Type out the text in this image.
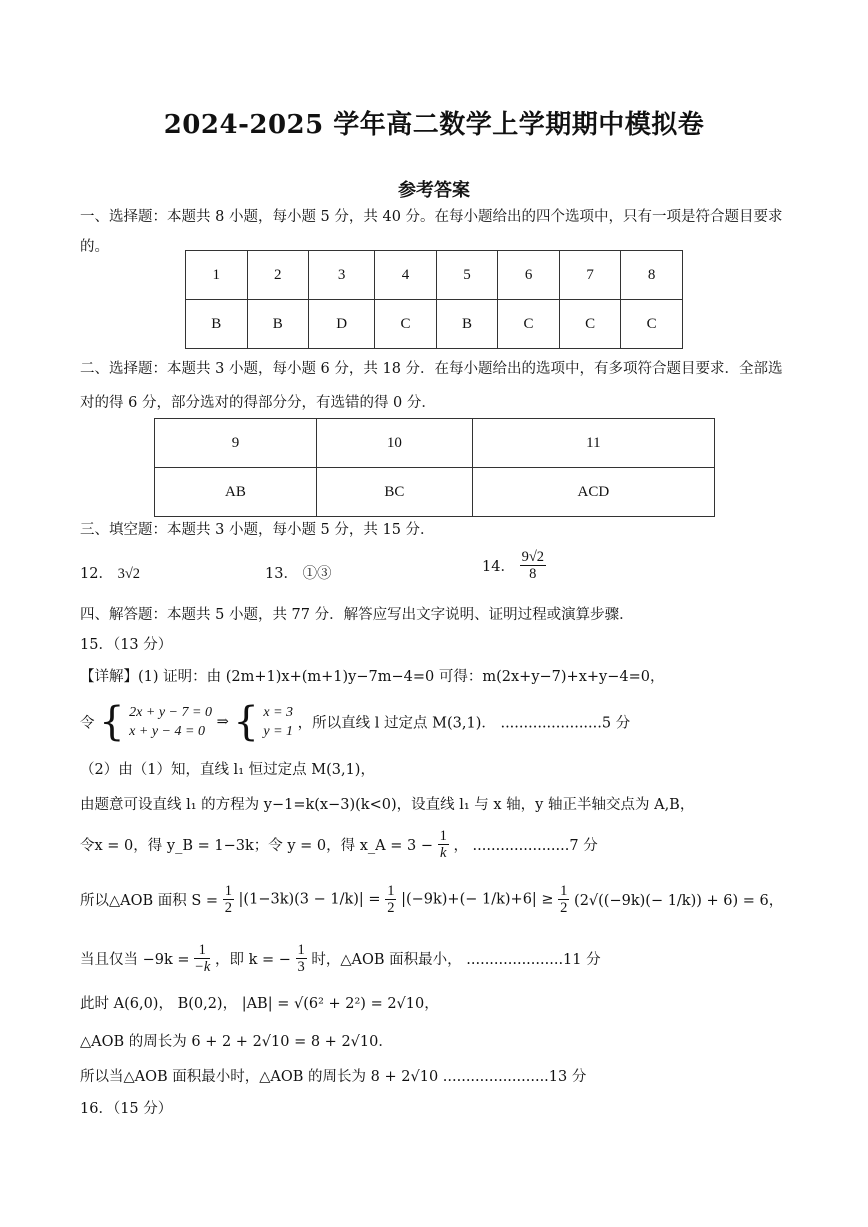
2024-2025 学年高二数学上学期期中模拟卷
参考答案
一、选择题：本题共 8 小题，每小题 5 分，共 40 分。在每小题给出的四个选项中，只有一项是符合题目要求的。
1	2	3	4	5	6	7	8
B	B	D	C	B	C	C	C
二、选择题：本题共 3 小题，每小题 6 分，共 18 分．在每小题给出的选项中，有多项符合题目要求．全部选对的得 6 分，部分选对的得部分分，有选错的得 0 分．
9	10	11
AB	BC	ACD
三、填空题：本题共 3 小题，每小题 5 分，共 15 分．
12． 3√2	13． ①③	14． $\frac{9√2}{8}$
四、解答题：本题共 5 小题，共 77 分．解答应写出文字说明、证明过程或演算步骤．
15．（13 分）
【详解】(1) 证明：由 (2m+1)x+(m+1)y−7m−4=0 可得：m(2x+y−7)+x+y−4=0，
令 { 2x + y − 7 = 0
x + y − 4 = 0 ⇒ { x = 3
y = 1 ，所以直线 l 过定点 M(3,1)． ......................5 分
（2）由（1）知，直线 l₁ 恒过定点 M(3,1)，
由题意可设直线 l₁ 的方程为 y−1=k(x−3)(k<0)，设直线 l₁ 与 x 轴，y 轴正半轴交点为 A,B，
令x = 0，得 y_B = 1−3k；令 y = 0，得 x_A = $3 - \frac{1}{k}$ ， .....................7 分
所以△AOB 面积 $S = \frac{1}{2} |(1-3k)(3 - 1/k)| = \frac{1}{2} |(-9k)+(- 1/k)+6| \ge \frac{1}{2} (2√((-9k)(- 1/k)) + 6) = 6$，
当且仅当 $-9k = \frac{1}{-k}$ ，即 k = − $\frac{1}{3}$ 时，△AOB 面积最小， .....................11 分
此时 A(6,0)， B(0,2)， |AB| = √(6² + 2²) = 2√10，
△AOB 的周长为 6 + 2 + 2√10 = 8 + 2√10．
所以当△AOB 面积最小时，△AOB 的周长为 8 + 2√10 .......................13 分
16．（15 分）
